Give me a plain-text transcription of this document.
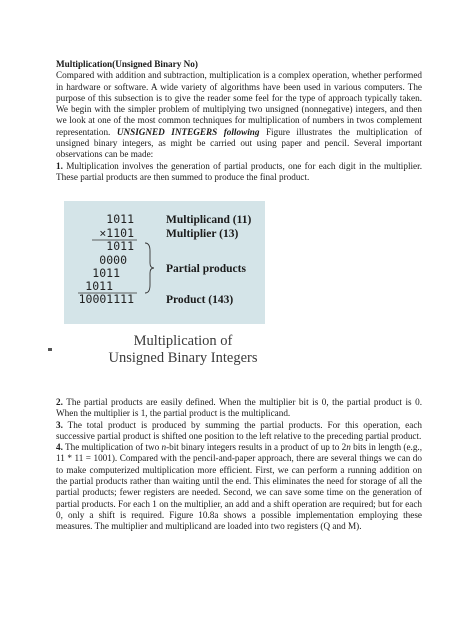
Multiplication(Unsigned Binary No)

Compared with addition and subtraction, multiplication is a complex operation, whether performed in hardware or software. A wide variety of algorithms have been used in various computers. The purpose of this subsection is to give the reader some feel for the type of approach typically taken. We begin with the simpler problem of multiplying two unsigned (nonnegative) integers, and then we look at one of the most common techniques for multiplication of numbers in twos complement representation. UNSIGNED INTEGERS following Figure illustrates the multiplication of unsigned binary integers, as might be carried out using paper and pencil. Several important observations can be made:

1. Multiplication involves the generation of partial products, one for each digit in the multiplier. These partial products are then summed to produce the final product.

1011
×1101
1011
0000
1011
1011
10001111
Multiplicand (11)
Multiplier (13)
Partial products
Product (143)
Multiplication of
Unsigned Binary Integers

2. The partial products are easily defined. When the multiplier bit is 0, the partial product is 0. When the multiplier is 1, the partial product is the multiplicand.

3. The total product is produced by summing the partial products. For this operation, each successive partial product is shifted one position to the left relative to the preceding partial product.

4. The multiplication of two n-bit binary integers results in a product of up to 2n bits in length (e.g., 11 * 11 = 1001). Compared with the pencil-and-paper approach, there are several things we can do to make computerized multiplication more efficient. First, we can perform a running addition on the partial products rather than waiting until the end. This eliminates the need for storage of all the partial products; fewer registers are needed. Second, we can save some time on the generation of partial products. For each 1 on the multiplier, an add and a shift operation are required; but for each 0, only a shift is required. Figure 10.8a shows a possible implementation employing these measures. The multiplier and multiplicand are loaded into two registers (Q and M).
